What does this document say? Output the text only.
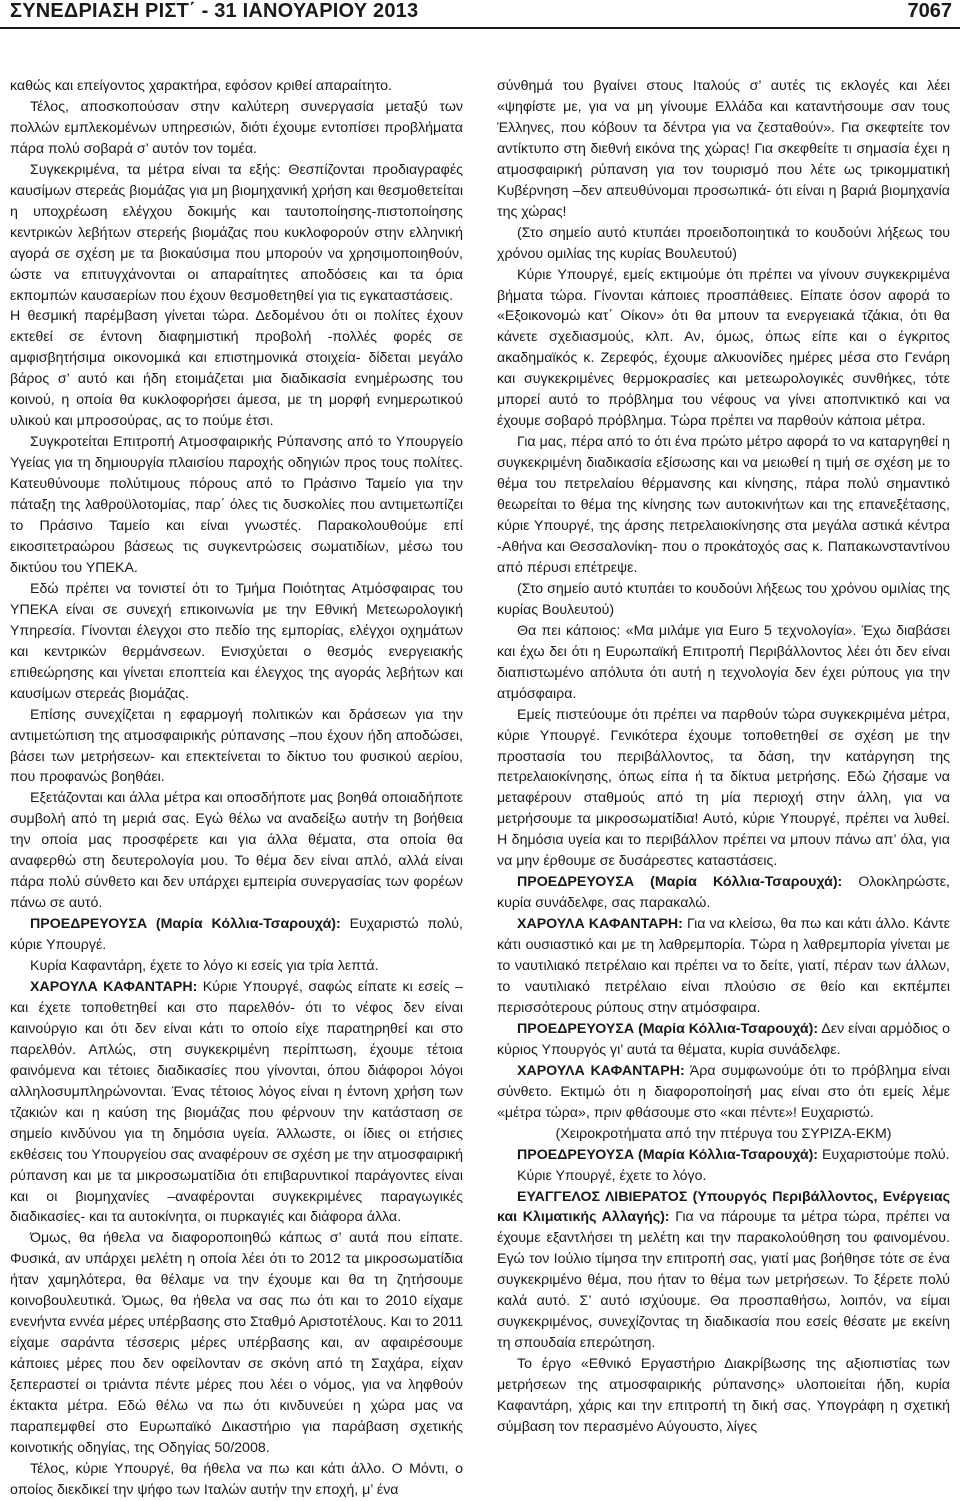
ΣΥΝΕΔΡΙΑΣΗ ΡΙΣΤ΄ - 31 ΙΑΝΟΥΑΡΙΟΥ 2013	7067

καθώς και επείγοντος χαρακτήρα, εφόσον κριθεί απαραίτητο.

Τέλος, αποσκοπούσαν στην καλύτερη συνεργασία μεταξύ των πολλών εμπλεκομένων υπηρεσιών, διότι έχουμε εντοπίσει προβλήματα πάρα πολύ σοβαρά σ’ αυτόν τον τομέα.

Συγκεκριμένα, τα μέτρα είναι τα εξής: Θεσπίζονται προδιαγραφές καυσίμων στερεάς βιομάζας για μη βιομηχανική χρήση και θεσμοθετείται η υποχρέωση ελέγχου δοκιμής και ταυτοποίησης-πιστοποίησης κεντρικών λεβήτων στερεής βιομάζας που κυκλοφορούν στην ελληνική αγορά σε σχέση με τα βιοκαύσιμα που μπορούν να χρησιμοποιηθούν, ώστε να επιτυγχάνονται οι απαραίτητες αποδόσεις και τα όρια εκπομπών καυσαερίων που έχουν θεσμοθετηθεί για τις εγκαταστάσεις.

Η θεσμική παρέμβαση γίνεται τώρα. Δεδομένου ότι οι πολίτες έχουν εκτεθεί σε έντονη διαφημιστική προβολή -πολλές φορές σε αμφισβητήσιμα οικονομικά και επιστημονικά στοιχεία- δίδεται μεγάλο βάρος σ’ αυτό και ήδη ετοιμάζεται μια διαδικασία ενημέρωσης του κοινού, η οποία θα κυκλοφορήσει άμεσα, με τη μορφή ενημερωτικού υλικού και μπροσούρας, ας το πούμε έτσι.

Συγκροτείται Επιτροπή Ατμοσφαιρικής Ρύπανσης από το Υπουργείο Υγείας για τη δημιουργία πλαισίου παροχής οδηγιών προς τους πολίτες. Κατευθύνουμε πολύτιμους πόρους από το Πράσινο Ταμείο για την πάταξη της λαθροϋλοτομίας, παρ΄ όλες τις δυσκολίες που αντιμετωπίζει το Πράσινο Ταμείο και είναι γνωστές. Παρακολουθούμε επί εικοσιτετραώρου βάσεως τις συγκεντρώσεις σωματιδίων, μέσω του δικτύου του ΥΠΕΚΑ.

Εδώ πρέπει να τονιστεί ότι το Τμήμα Ποιότητας Ατμόσφαιρας του ΥΠΕΚΑ είναι σε συνεχή επικοινωνία με την Εθνική Μετεωρολογική Υπηρεσία. Γίνονται έλεγχοι στο πεδίο της εμπορίας, ελέγχοι οχημάτων και κεντρικών θερμάνσεων. Ενισχύεται ο θεσμός ενεργειακής επιθεώρησης και γίνεται εποπτεία και έλεγχος της αγοράς λεβήτων και καυσίμων στερεάς βιομάζας.

Επίσης συνεχίζεται η εφαρμογή πολιτικών και δράσεων για την αντιμετώπιση της ατμοσφαιρικής ρύπανσης –που έχουν ήδη αποδώσει, βάσει των μετρήσεων- και επεκτείνεται το δίκτυο του φυσικού αερίου, που προφανώς βοηθάει.

Εξετάζονται και άλλα μέτρα και οποσδήποτε μας βοηθά οποιαδήποτε συμβολή από τη μεριά σας. Εγώ θέλω να αναδείξω αυτήν τη βοήθεια την οποία μας προσφέρετε και για άλλα θέματα, στα οποία θα αναφερθώ στη δευτερολογία μου. Το θέμα δεν είναι απλό, αλλά είναι πάρα πολύ σύνθετο και δεν υπάρχει εμπειρία συνεργασίας των φορέων πάνω σε αυτό.

ΠΡΟΕΔΡΕΥΟΥΣΑ (Μαρία Κόλλια-Τσαρουχά): Ευχαριστώ πολύ, κύριε Υπουργέ.

Κυρία Καφαντάρη, έχετε το λόγο κι εσείς για τρία λεπτά.

ΧΑΡΟΥΛΑ ΚΑΦΑΝΤΑΡΗ: Κύριε Υπουργέ, σαφώς είπατε κι εσείς –και έχετε τοποθετηθεί και στο παρελθόν- ότι το νέφος δεν είναι καινούργιο και ότι δεν είναι κάτι το οποίο είχε παρατηρηθεί και στο παρελθόν. Απλώς, στη συγκεκριμένη περίπτωση, έχουμε τέτοια φαινόμενα και τέτοιες διαδικασίες που γίνονται, όπου διάφοροι λόγοι αλληλοσυμπληρώνονται. Ένας τέτοιος λόγος είναι η έντονη χρήση των τζακιών και η καύση της βιομάζας που φέρνουν την κατάσταση σε σημείο κινδύνου για τη δημόσια υγεία. Άλλωστε, οι ίδιες οι ετήσιες εκθέσεις του Υπουργείου σας αναφέρουν σε σχέση με την ατμοσφαιρική ρύπανση και με τα μικροσωματίδια ότι επιβαρυντικοί παράγοντες είναι και οι βιομηχανίες –αναφέρονται συγκεκριμένες παραγωγικές διαδικασίες- και τα αυτοκίνητα, οι πυρκαγιές και διάφορα άλλα.

Όμως, θα ήθελα να διαφοροποιηθώ κάπως σ’ αυτά που είπατε. Φυσικά, αν υπάρχει μελέτη η οποία λέει ότι το 2012 τα μικροσωματίδια ήταν χαμηλότερα, θα θέλαμε να την έχουμε και θα τη ζητήσουμε κοινοβουλευτικά. Όμως, θα ήθελα να σας πω ότι και το 2010 είχαμε ενενήντα εννέα μέρες υπέρβασης στο Σταθμό Αριστοτέλους. Και το 2011 είχαμε σαράντα τέσσερις μέρες υπέρβασης και, αν αφαιρέσουμε κάποιες μέρες που δεν οφείλονταν σε σκόνη από τη Σαχάρα, είχαν ξεπεραστεί οι τριάντα πέντε μέρες που λέει ο νόμος, για να ληφθούν έκτακτα μέτρα. Εδώ θέλω να πω ότι κινδυνεύει η χώρα μας να παραπεμφθεί στο Ευρωπαϊκό Δικαστήριο για παράβαση σχετικής κοινοτικής οδηγίας, της Οδηγίας 50/2008.

Τέλος, κύριε Υπουργέ, θα ήθελα να πω και κάτι άλλο. Ο Μόντι, ο οποίος διεκδικεί την ψήφο των Ιταλών αυτήν την εποχή, μ’ ένα

σύνθημά του βγαίνει στους Ιταλούς σ’ αυτές τις εκλογές και λέει «ψηφίστε με, για να μη γίνουμε Ελλάδα και καταντήσουμε σαν τους Έλληνες, που κόβουν τα δέντρα για να ζεσταθούν». Για σκεφτείτε τον αντίκτυπο στη διεθνή εικόνα της χώρας! Για σκεφθείτε τι σημασία έχει η ατμοσφαιρική ρύπανση για τον τουρισμό που λέτε ως τρικομματική Κυβέρνηση –δεν απευθύνομαι προσωπικά- ότι είναι η βαριά βιομηχανία της χώρας!

(Στο σημείο αυτό κτυπάει προειδοποιητικά το κουδούνι λήξεως του χρόνου ομιλίας της κυρίας Βουλευτού)

Κύριε Υπουργέ, εμείς εκτιμούμε ότι πρέπει να γίνουν συγκεκριμένα βήματα τώρα. Γίνονται κάποιες προσπάθειες. Είπατε όσον αφορά το «Εξοικονομώ κατ΄ Οίκον» ότι θα μπουν τα ενεργειακά τζάκια, ότι θα κάνετε σχεδιασμούς, κλπ. Αν, όμως, όπως είπε και ο έγκριτος ακαδημαϊκός κ. Ζερεφός, έχουμε αλκυονίδες ημέρες μέσα στο Γενάρη και συγκεκριμένες θερμοκρασίες και μετεωρολογικές συνθήκες, τότε μπορεί αυτό το πρόβλημα του νέφους να γίνει αποπνικτικό και να έχουμε σοβαρό πρόβλημα. Τώρα πρέπει να παρθούν κάποια μέτρα.

Για μας, πέρα από το ότι ένα πρώτο μέτρο αφορά το να καταργηθεί η συγκεκριμένη διαδικασία εξίσωσης και να μειωθεί η τιμή σε σχέση με το θέμα του πετρελαίου θέρμανσης και κίνησης, πάρα πολύ σημαντικό θεωρείται το θέμα της κίνησης των αυτοκινήτων και της επανεξέτασης, κύριε Υπουργέ, της άρσης πετρελαιοκίνησης στα μεγάλα αστικά κέντρα -Αθήνα και Θεσσαλονίκη- που ο προκάτοχός σας κ. Παπακωνσταντίνου από πέρυσι επέτρεψε.

(Στο σημείο αυτό κτυπάει το κουδούνι λήξεως του χρόνου ομιλίας της κυρίας Βουλευτού)

Θα πει κάποιος: «Μα μιλάμε για Euro 5 τεχνολογία». Έχω διαβάσει και έχω δει ότι η Ευρωπαϊκή Επιτροπή Περιβάλλοντος λέει ότι δεν είναι διαπιστωμένο απόλυτα ότι αυτή η τεχνολογία δεν έχει ρύπους για την ατμόσφαιρα.

Εμείς πιστεύουμε ότι πρέπει να παρθούν τώρα συγκεκριμένα μέτρα, κύριε Υπουργέ. Γενικότερα έχουμε τοποθετηθεί σε σχέση με την προστασία του περιβάλλοντος, τα δάση, την κατάργηση της πετρελαιοκίνησης, όπως είπα ή τα δίκτυα μετρήσης. Εδώ ζήσαμε να μεταφέρουν σταθμούς από τη μία περιοχή στην άλλη, για να μετρήσουμε τα μικροσωματίδια! Αυτό, κύριε Υπουργέ, πρέπει να λυθεί. Η δημόσια υγεία και το περιβάλλον πρέπει να μπουν πάνω απ’ όλα, για να μην έρθουμε σε δυσάρεστες καταστάσεις.

ΠΡΟΕΔΡΕΥΟΥΣΑ (Μαρία Κόλλια-Τσαρουχά): Ολοκληρώστε, κυρία συνάδελφε, σας παρακαλώ.

ΧΑΡΟΥΛΑ ΚΑΦΑΝΤΑΡΗ: Για να κλείσω, θα πω και κάτι άλλο. Κάντε κάτι ουσιαστικό και με τη λαθρεμπορία. Τώρα η λαθρεμπορία γίνεται με το ναυτιλιακό πετρέλαιο και πρέπει να το δείτε, γιατί, πέραν των άλλων, το ναυτιλιακό πετρέλαιο είναι πλούσιο σε θείο και εκπέμπει περισσότερους ρύπους στην ατμόσφαιρα.

ΠΡΟΕΔΡΕΥΟΥΣΑ (Μαρία Κόλλια-Τσαρουχά): Δεν είναι αρμόδιος ο κύριος Υπουργός γι’ αυτά τα θέματα, κυρία συνάδελφε.

ΧΑΡΟΥΛΑ ΚΑΦΑΝΤΑΡΗ: Άρα συμφωνούμε ότι το πρόβλημα είναι σύνθετο. Εκτιμώ ότι η διαφοροποίησή μας είναι στο ότι εμείς λέμε «μέτρα τώρα», πριν φθάσουμε στο «και πέντε»! Ευχαριστώ.

(Χειροκροτήματα από την πτέρυγα του ΣΥΡΙΖΑ-ΕΚΜ)

ΠΡΟΕΔΡΕΥΟΥΣΑ (Μαρία Κόλλια-Τσαρουχά): Ευχαριστούμε πολύ.

Κύριε Υπουργέ, έχετε το λόγο.

ΕΥΑΓΓΕΛΟΣ ΛΙΒΙΕΡΑΤΟΣ (Υπουργός Περιβάλλοντος, Ενέργειας και Κλιματικής Αλλαγής): Για να πάρουμε τα μέτρα τώρα, πρέπει να έχουμε εξαντλήσει τη μελέτη και την παρακολούθηση του φαινομένου. Εγώ τον Ιούλιο τίμησα την επιτροπή σας, γιατί μας βοήθησε τότε σε ένα συγκεκριμένο θέμα, που ήταν το θέμα των μετρήσεων. Το ξέρετε πολύ καλά αυτό. Σ’ αυτό ισχύουμε. Θα προσπαθήσω, λοιπόν, να είμαι συγκεκριμένος, συνεχίζοντας τη διαδικασία που εσείς θέσατε με εκείνη τη σπουδαία επερώτηση.

Το έργο «Εθνικό Εργαστήριο Διακρίβωσης της αξιοπιστίας των μετρήσεων της ατμοσφαιρικής ρύπανσης» υλοποιείται ήδη, κυρία Καφαντάρη, χάρις και την επιτροπή τη δική σας. Υπογράφη η σχετική σύμβαση τον περασμένο Αύγουστο, λίγες
